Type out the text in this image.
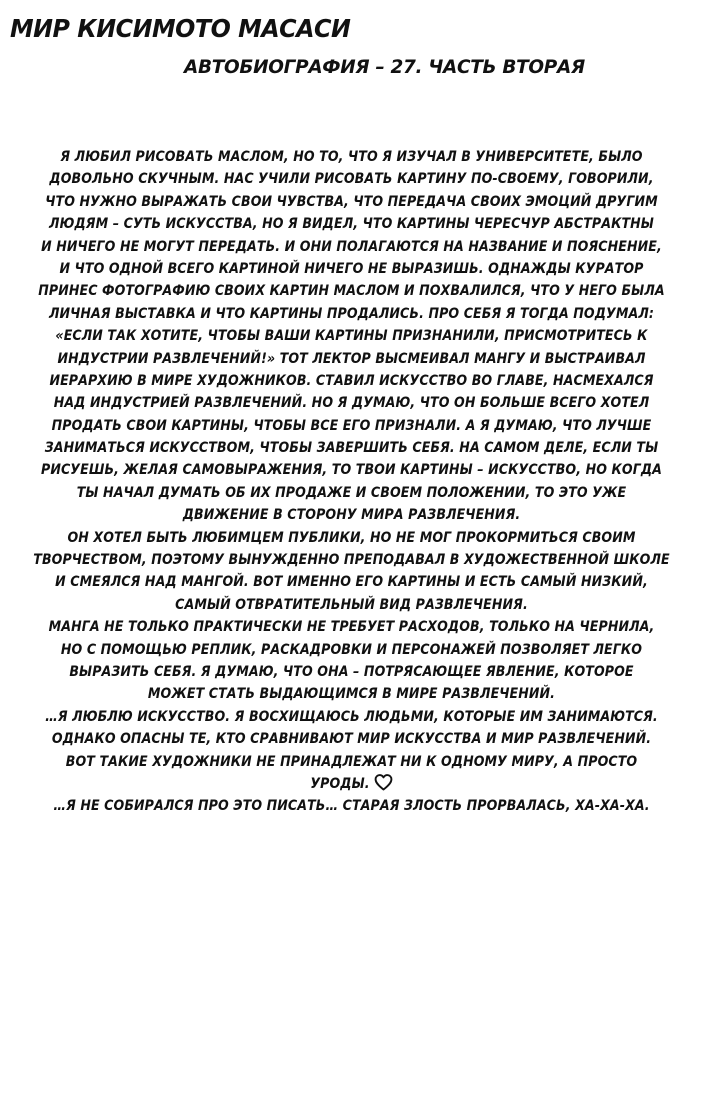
МИР КИСИМОТО МАСАСИ
АВТОБИОГРАФИЯ – 27. ЧАСТЬ ВТОРАЯ
Я ЛЮБИЛ РИСОВАТЬ МАСЛОМ, НО ТО, ЧТО Я ИЗУЧАЛ В УНИВЕРСИТЕТЕ, БЫЛО
ДОВОЛЬНО СКУЧНЫМ. НАС УЧИЛИ РИСОВАТЬ КАРТИНУ ПО-СВОЕМУ, ГОВОРИЛИ,
ЧТО НУЖНО ВЫРАЖАТЬ СВОИ ЧУВСТВА, ЧТО ПЕРЕДАЧА СВОИХ ЭМОЦИЙ ДРУГИМ
ЛЮДЯМ – СУТЬ ИСКУССТВА, НО Я ВИДЕЛ, ЧТО КАРТИНЫ ЧЕРЕСЧУР АБСТРАКТНЫ
И НИЧЕГО НЕ МОГУТ ПЕРЕДАТЬ. И ОНИ ПОЛАГАЮТСЯ НА НАЗВАНИЕ И ПОЯСНЕНИЕ,
И ЧТО ОДНОЙ ВСЕГО КАРТИНОЙ НИЧЕГО НЕ ВЫРАЗИШЬ. ОДНАЖДЫ КУРАТОР
ПРИНЕС ФОТОГРАФИЮ СВОИХ КАРТИН МАСЛОМ И ПОХВАЛИЛСЯ, ЧТО У НЕГО БЫЛА
ЛИЧНАЯ ВЫСТАВКА И ЧТО КАРТИНЫ ПРОДАЛИСЬ. ПРО СЕБЯ Я ТОГДА ПОДУМАЛ:
«ЕСЛИ ТАК ХОТИТЕ, ЧТОБЫ ВАШИ КАРТИНЫ ПРИЗНАНИЛИ, ПРИСМОТРИТЕСЬ К
ИНДУСТРИИ РАЗВЛЕЧЕНИЙ!» ТОТ ЛЕКТОР ВЫСМЕИВАЛ МАНГУ И ВЫСТРАИВАЛ
ИЕРАРХИЮ В МИРЕ ХУДОЖНИКОВ. СТАВИЛ ИСКУССТВО ВО ГЛАВЕ, НАСМЕХАЛСЯ
НАД ИНДУСТРИЕЙ РАЗВЛЕЧЕНИЙ. НО Я ДУМАЮ, ЧТО ОН БОЛЬШЕ ВСЕГО ХОТЕЛ
ПРОДАТЬ СВОИ КАРТИНЫ, ЧТОБЫ ВСЕ ЕГО ПРИЗНАЛИ. А Я ДУМАЮ, ЧТО ЛУЧШЕ
ЗАНИМАТЬСЯ ИСКУССТВОМ, ЧТОБЫ ЗАВЕРШИТЬ СЕБЯ. НА САМОМ ДЕЛЕ, ЕСЛИ ТЫ
РИСУЕШЬ, ЖЕЛАЯ САМОВЫРАЖЕНИЯ, ТО ТВОИ КАРТИНЫ – ИСКУССТВО, НО КОГДА
ТЫ НАЧАЛ ДУМАТЬ ОБ ИХ ПРОДАЖЕ И СВОЕМ ПОЛОЖЕНИИ, ТО ЭТО УЖЕ
ДВИЖЕНИЕ В СТОРОНУ МИРА РАЗВЛЕЧЕНИЯ.
ОН ХОТЕЛ БЫТЬ ЛЮБИМЦЕМ ПУБЛИКИ, НО НЕ МОГ ПРОКОРМИТЬСЯ СВОИМ
ТВОРЧЕСТВОМ, ПОЭТОМУ ВЫНУЖДЕННО ПРЕПОДАВАЛ В ХУДОЖЕСТВЕННОЙ ШКОЛЕ
И СМЕЯЛСЯ НАД МАНГОЙ. ВОТ ИМЕННО ЕГО КАРТИНЫ И ЕСТЬ САМЫЙ НИЗКИЙ,
САМЫЙ ОТВРАТИТЕЛЬНЫЙ ВИД РАЗВЛЕЧЕНИЯ.
МАНГА НЕ ТОЛЬКО ПРАКТИЧЕСКИ НЕ ТРЕБУЕТ РАСХОДОВ, ТОЛЬКО НА ЧЕРНИЛА,
НО С ПОМОЩЬЮ РЕПЛИК, РАСКАДРОВКИ И ПЕРСОНАЖЕЙ ПОЗВОЛЯЕТ ЛЕГКО
ВЫРАЗИТЬ СЕБЯ. Я ДУМАЮ, ЧТО ОНА – ПОТРЯСАЮЩЕЕ ЯВЛЕНИЕ, КОТОРОЕ
МОЖЕТ СТАТЬ ВЫДАЮЩИМСЯ В МИРЕ РАЗВЛЕЧЕНИЙ.
…Я ЛЮБЛЮ ИСКУССТВО. Я ВОСХИЩАЮСЬ ЛЮДЬМИ, КОТОРЫЕ ИМ ЗАНИМАЮТСЯ.
ОДНАКО ОПАСНЫ ТЕ, КТО СРАВНИВАЮТ МИР ИСКУССТВА И МИР РАЗВЛЕЧЕНИЙ.
ВОТ ТАКИЕ ХУДОЖНИКИ НЕ ПРИНАДЛЕЖАТ НИ К ОДНОМУ МИРУ, А ПРОСТО
УРОДЫ.
…Я НЕ СОБИРАЛСЯ ПРО ЭТО ПИСАТЬ… СТАРАЯ ЗЛОСТЬ ПРОРВАЛАСЬ, ХА-ХА-ХА.
